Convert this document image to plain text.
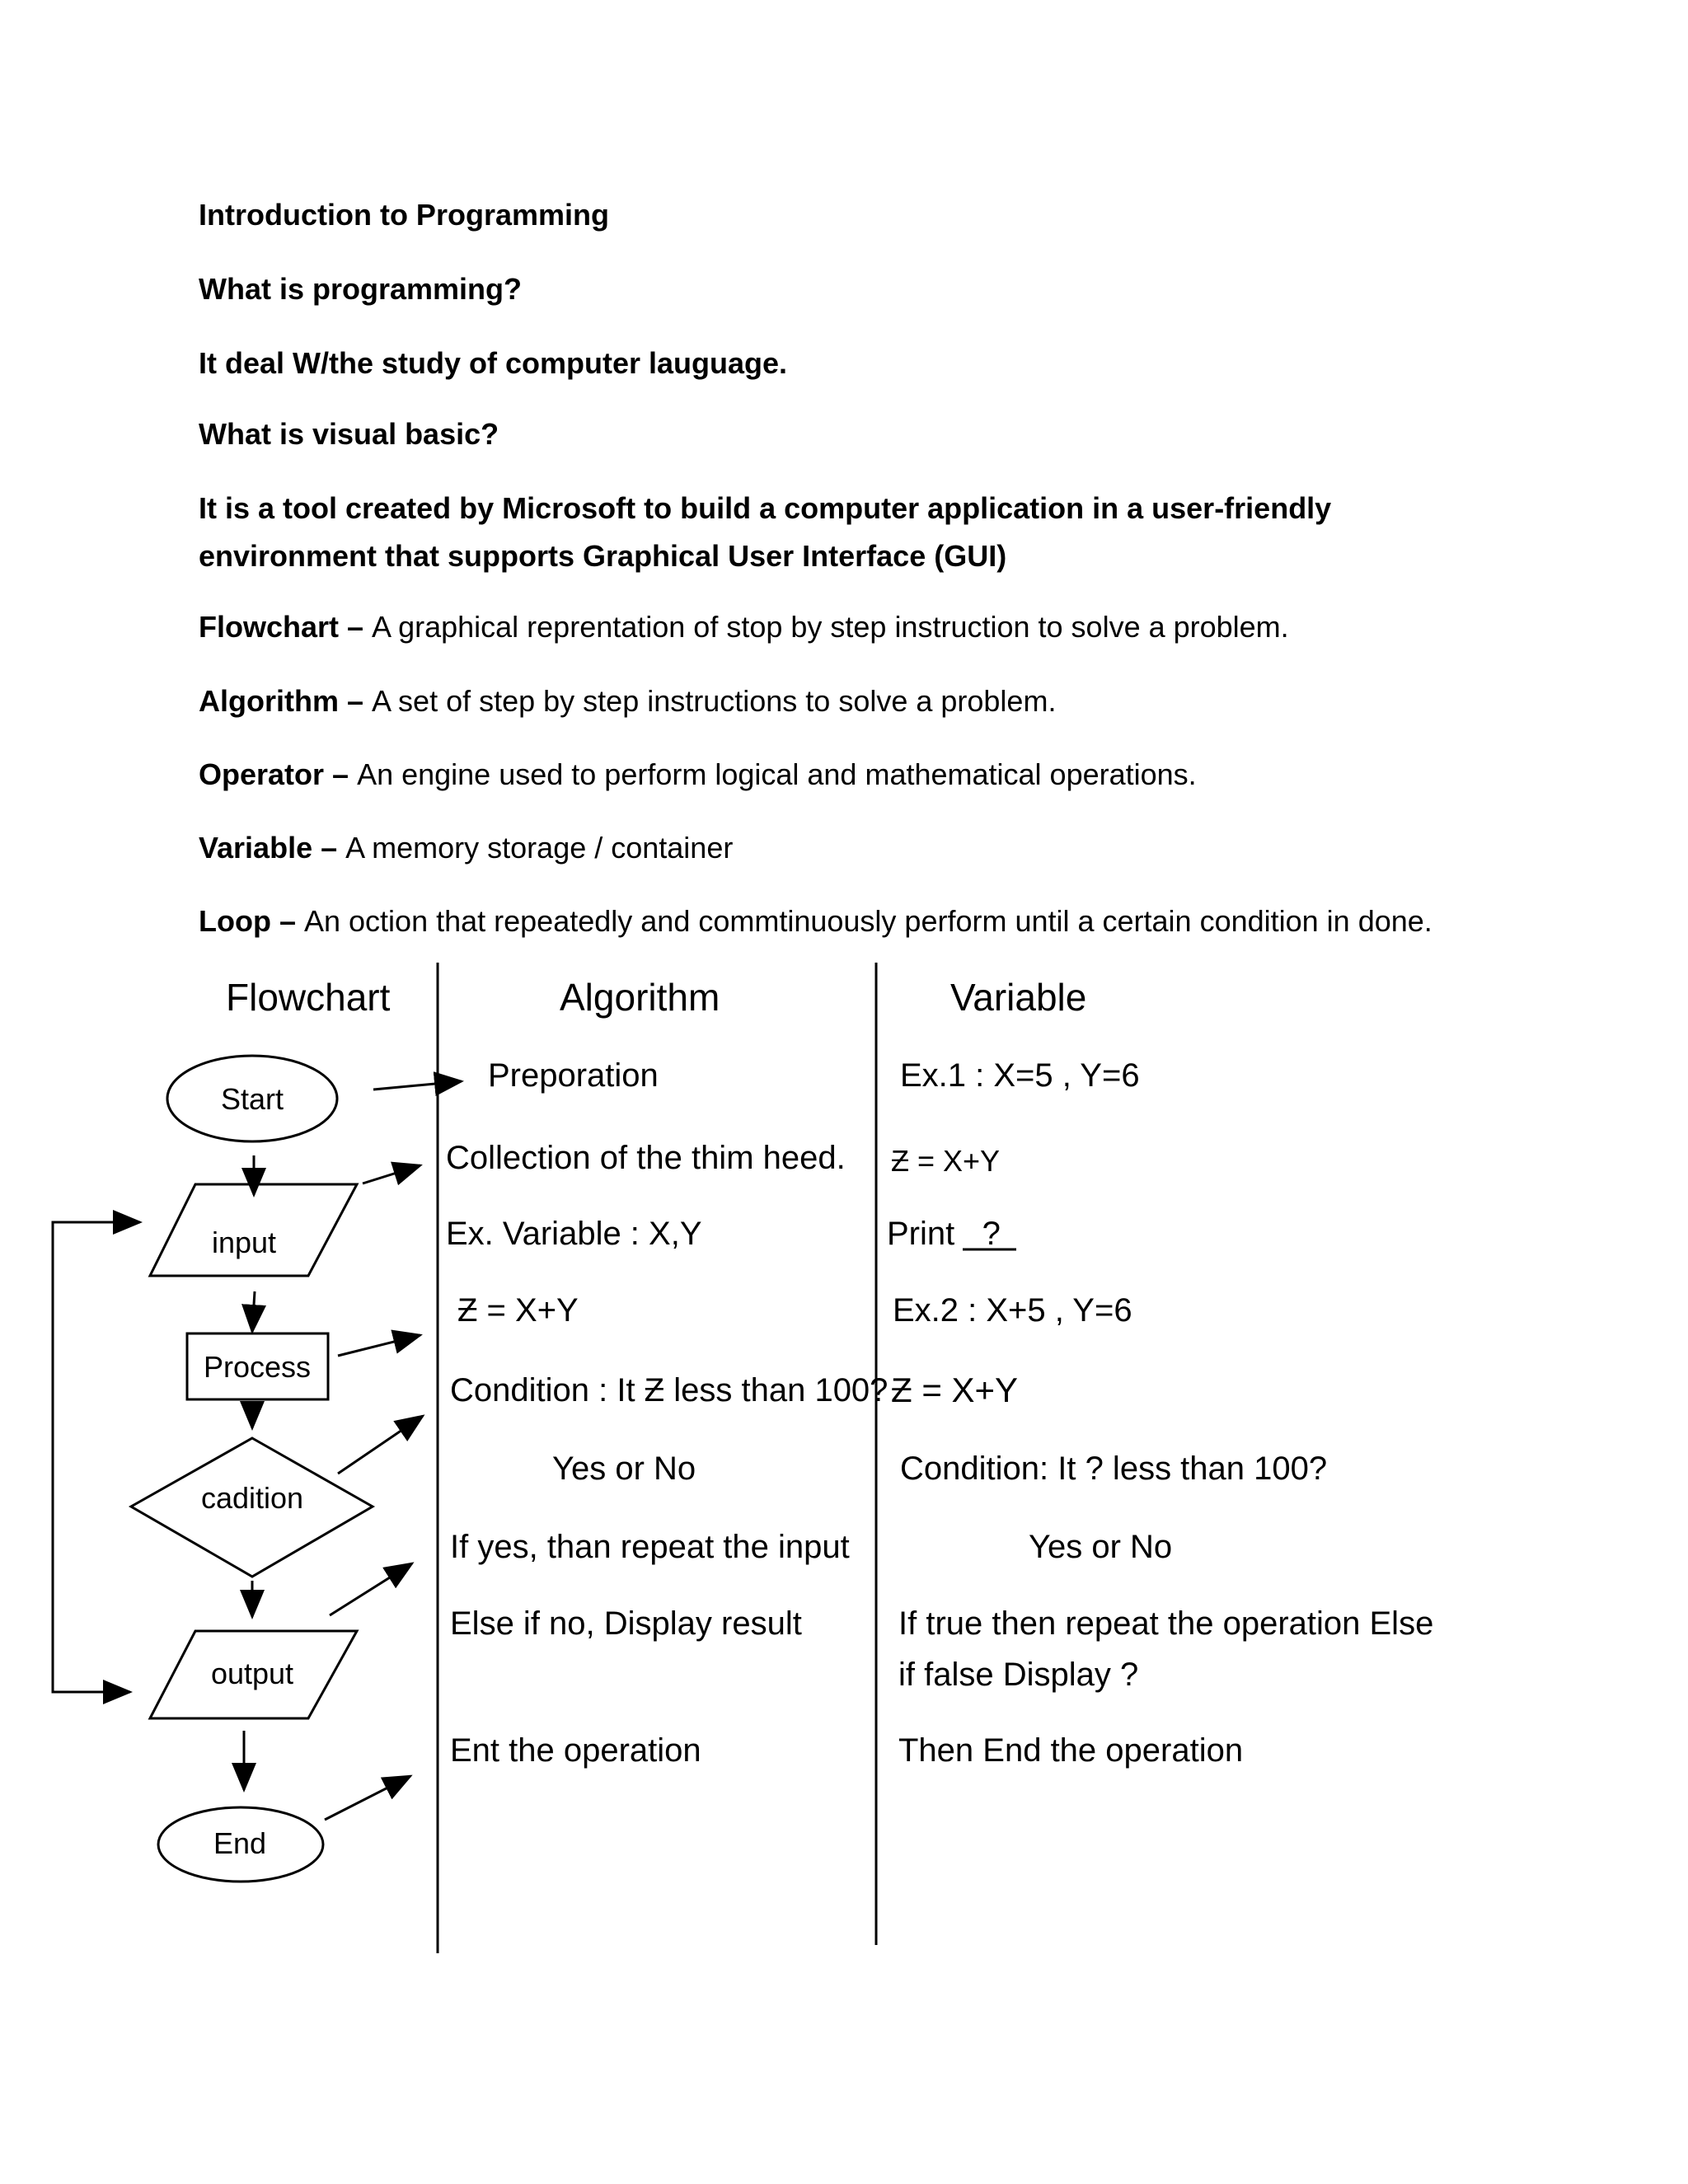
Introduction to Programming
What is programming?
It deal W/the study of computer lauguage.
What is visual basic?
It is a tool created by Microsoft to build a computer application in a user-friendly environment that supports Graphical User Interface (GUI)
Flowchart – A graphical reprentation of stop by step instruction to solve a problem.
Algorithm – A set of step by step instructions to solve a problem.
Operator – An engine used to perform logical and mathematical operations.
Variable – A memory storage / container
Loop – An oction that repeatedly and commtinuously perform until a certain condition in done.
Start
input
Process
cadition
output
End
Flowchart	Algorithm	Variable
Preporation
Collection of the thim heed.
Ex. Variable : X,Y
Ƶ = X+Y
Condition : It Ƶ less than 100?
Yes or No
If yes, than repeat the input
Else if no, Display result
Ent the operation
Ex.1 : X=5 , Y=6
Ƶ = X+Y
Print   ?
Ex.2 : X+5 , Y=6
Ƶ = X+Y
Condition: It ? less than 100?
Yes or No
If true then repeat the operation Else
if false Display ?
Then End the operation
